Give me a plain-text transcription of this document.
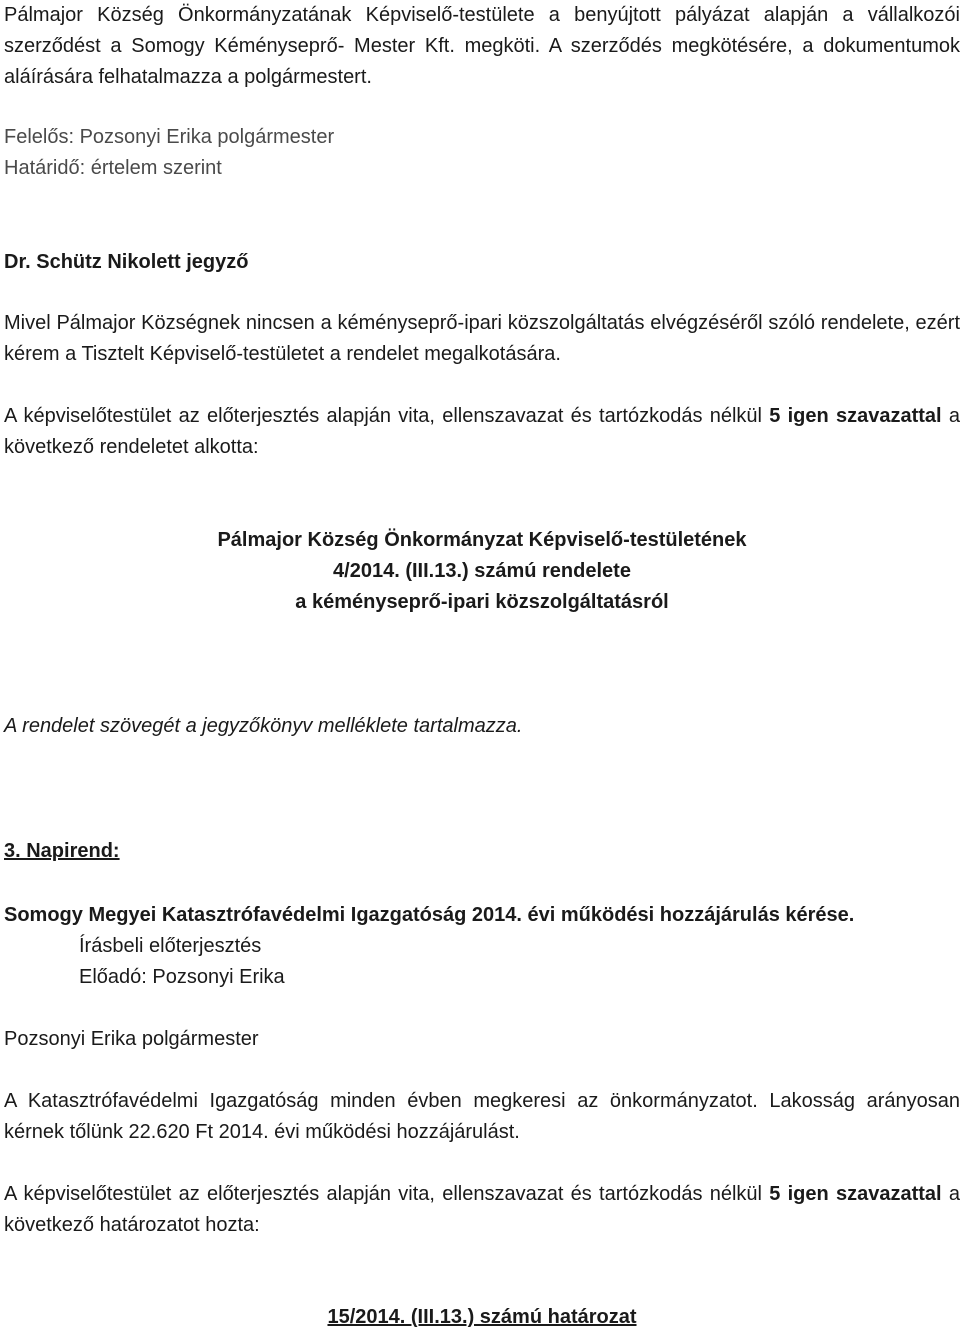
Pálmajor Község Önkormányzatának Képviselő-testülete a benyújtott pályázat alapján a vállalkozói szerződést a Somogy Kéményseprő- Mester Kft. megköti. A szerződés megkötésére, a dokumentumok aláírására felhatalmazza a polgármestert.

Felelős: Pozsonyi Erika polgármester
Határidő: értelem szerint
Dr. Schütz Nikolett jegyző

Mivel Pálmajor Községnek nincsen a kéményseprő-ipari közszolgáltatás elvégzéséről szóló rendelete, ezért kérem a Tisztelt Képviselő-testületet a rendelet megalkotására.

A képviselőtestület az előterjesztés alapján vita, ellenszavazat és tartózkodás nélkül 5 igen szavazattal a következő rendeletet alkotta:

Pálmajor Község Önkormányzat Képviselő-testületének
4/2014. (III.13.) számú rendelete
a kéményseprő-ipari közszolgáltatásról
A rendelet szövegét a jegyzőkönyv melléklete tartalmazza.
3. Napirend:
Somogy Megyei Katasztrófavédelmi Igazgatóság 2014. évi működési hozzájárulás kérése.
Írásbeli előterjesztés
Előadó: Pozsonyi Erika
Pozsonyi Erika polgármester

A Katasztrófavédelmi Igazgatóság minden évben megkeresi az önkormányzatot. Lakosság arányosan kérnek tőlünk 22.620 Ft 2014. évi működési hozzájárulást.

A képviselőtestület az előterjesztés alapján vita, ellenszavazat és tartózkodás nélkül 5 igen szavazattal a következő határozatot hozta:

15/2014. (III.13.) számú határozat
